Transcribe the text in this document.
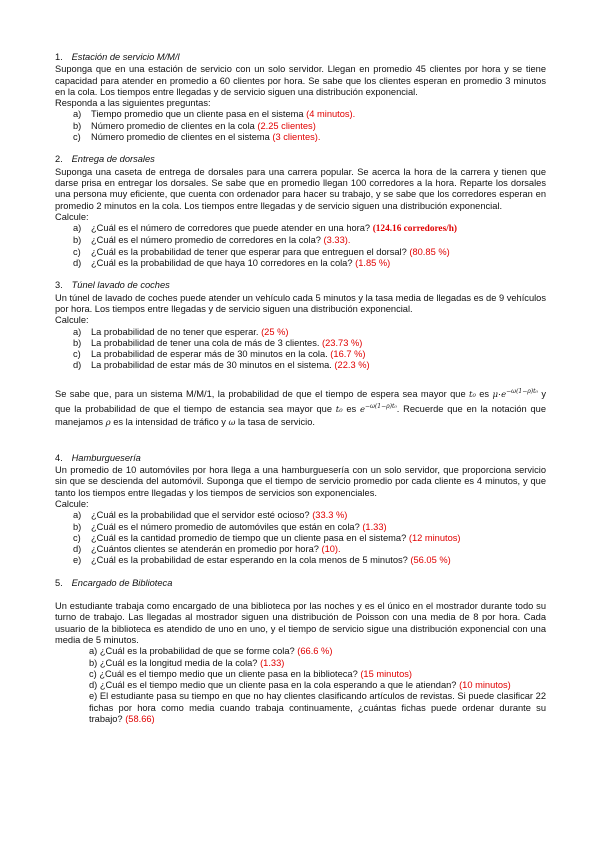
1. Estación de servicio M/M/l

Suponga que en una estación de servicio con un solo servidor. Llegan en promedio 45 clientes por hora y se tiene capacidad para atender en promedio a 60 clientes por hora. Se sabe que los clientes esperan en promedio 3 minutos en la cola. Los tiempos entre llegadas y de servicio siguen una distribución exponencial.

Responda a las siguientes preguntas:
a) Tiempo promedio que un cliente pasa en el sistema (4 minutos).
b) Número promedio de clientes en la cola (2.25 clientes)
c) Número promedio de clientes en el sistema (3 clientes).
2. Entrega de dorsales

Suponga una caseta de entrega de dorsales para una carrera popular. Se acerca la hora de la carrera y tienen que darse prisa en entregar los dorsales. Se sabe que en promedio llegan 100 corredores a la hora. Reparte los dorsales una persona muy eficiente, que cuenta con ordenador para hacer su trabajo, y se sabe que los corredores esperan en promedio 2 minutos en la cola. Los tiempos entre llegadas y de servicio siguen una distribución exponencial.

Calcule:
a) ¿Cuál es el número de corredores que puede atender en una hora? (124.16 corredores/h)
b) ¿Cuál es el número promedio de corredores en la cola? (3.33).
c) ¿Cuál es la probabilidad de tener que esperar para que entreguen el dorsal? (80.85 %)
d) ¿Cuál es la probabilidad de que haya 10 corredores en la cola? (1.85 %)
3. Túnel lavado de coches

Un túnel de lavado de coches puede atender un vehículo cada 5 minutos y la tasa media de llegadas es de 9 vehículos por hora. Los tiempos entre llegadas y de servicio siguen una distribución exponencial.

Calcule:
a) La probabilidad de no tener que esperar. (25 %)
b) La probabilidad de tener una cola de más de 3 clientes. (23.73 %)
c) La probabilidad de esperar más de 30 minutos en la cola. (16.7 %)
d) La probabilidad de estar más de 30 minutos en el sistema. (22.3 %)

Se sabe que, para un sistema M/M/1, la probabilidad de que el tiempo de espera sea mayor que t₀ es $\mu\cdot e^{-\omega(1-\rho)t_0}$ y que la probabilidad de que el tiempo de estancia sea mayor que t₀ es $e^{-\omega(1-\rho)t_0}$. Recuerde que en la notación que manejamos ρ es la intensidad de tráfico y ω la tasa de servicio.

4. Hamburguesería

Un promedio de 10 automóviles por hora llega a una hamburguesería con un solo servidor, que proporciona servicio sin que se descienda del automóvil. Suponga que el tiempo de servicio promedio por cada cliente es 4 minutos, y que tanto los tiempos entre llegadas y los tiempos de servicios son exponenciales.

Calcule:
a) ¿Cuál es la probabilidad que el servidor esté ocioso? (33.3 %)
b) ¿Cuál es el número promedio de automóviles que están en cola? (1.33)
c) ¿Cuál es la cantidad promedio de tiempo que un cliente pasa en el sistema? (12 minutos)
d) ¿Cuántos clientes se atenderán en promedio por hora? (10).
e) ¿Cuál es la probabilidad de estar esperando en la cola menos de 5 minutos? (56.05 %)
5. Encargado de Biblioteca

Un estudiante trabaja como encargado de una biblioteca por las noches y es el único en el mostrador durante todo su turno de trabajo. Las llegadas al mostrador siguen una distribución de Poisson con una media de 8 por hora. Cada usuario de la biblioteca es atendido de uno en uno, y el tiempo de servicio sigue una distribución exponencial con una media de 5 minutos.

a) ¿Cuál es la probabilidad de que se forme cola? (66.6 %)

b) ¿Cuál es la longitud media de la cola? (1.33)

c) ¿Cuál es el tiempo medio que un cliente pasa en la biblioteca? (15 minutos)

d) ¿Cuál es el tiempo medio que un cliente pasa en la cola esperando a que le atiendan? (10 minutos)

e) El estudiante pasa su tiempo en que no hay clientes clasificando artículos de revistas. Si puede clasificar 22 fichas por hora como media cuando trabaja continuamente, ¿cuántas fichas puede ordenar durante su trabajo? (58.66)
